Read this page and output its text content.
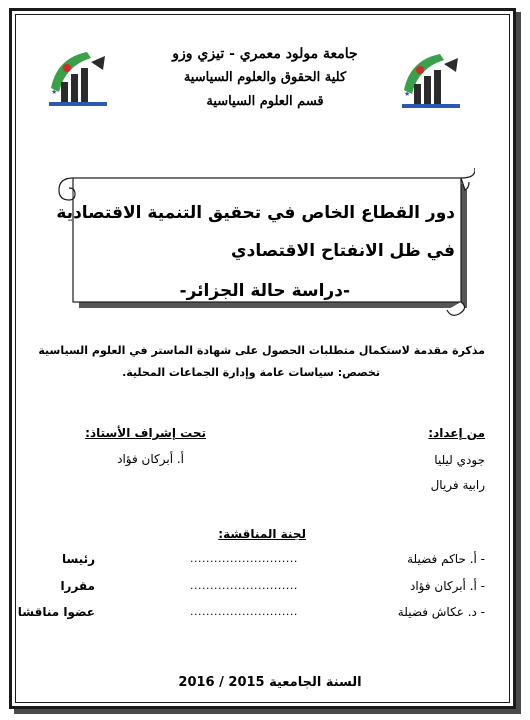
★	★
جامعة مولود معمري - تيزي وزو
كلية الحقوق والعلوم السياسية
قسم العلوم السياسية
دور القطاع الخاص في تحقيق التنمية الاقتصادية
في ظل الانفتاح الاقتصادي
-دراسة حالة الجزائر-
مذكرة مقدمة لاستكمال متطلبات الحصول على شهادة الماستر في العلوم السياسية
تخصص: سياسات عامة وإدارة الجماعات المحلية.
من إعداد:
جودي ليليا
رابية فريال
تحت إشراف الأستاذ:
أ. أبركان فؤاد
لجنة المناقشة:
- أ. حاكم فضيلة
...........................
رئيسا
- أ. أبركان فؤاد
...........................
مقررا
- د. عكاش فضيلة
...........................
عضوا مناقشا
السنة الجامعية 2015 / 2016
